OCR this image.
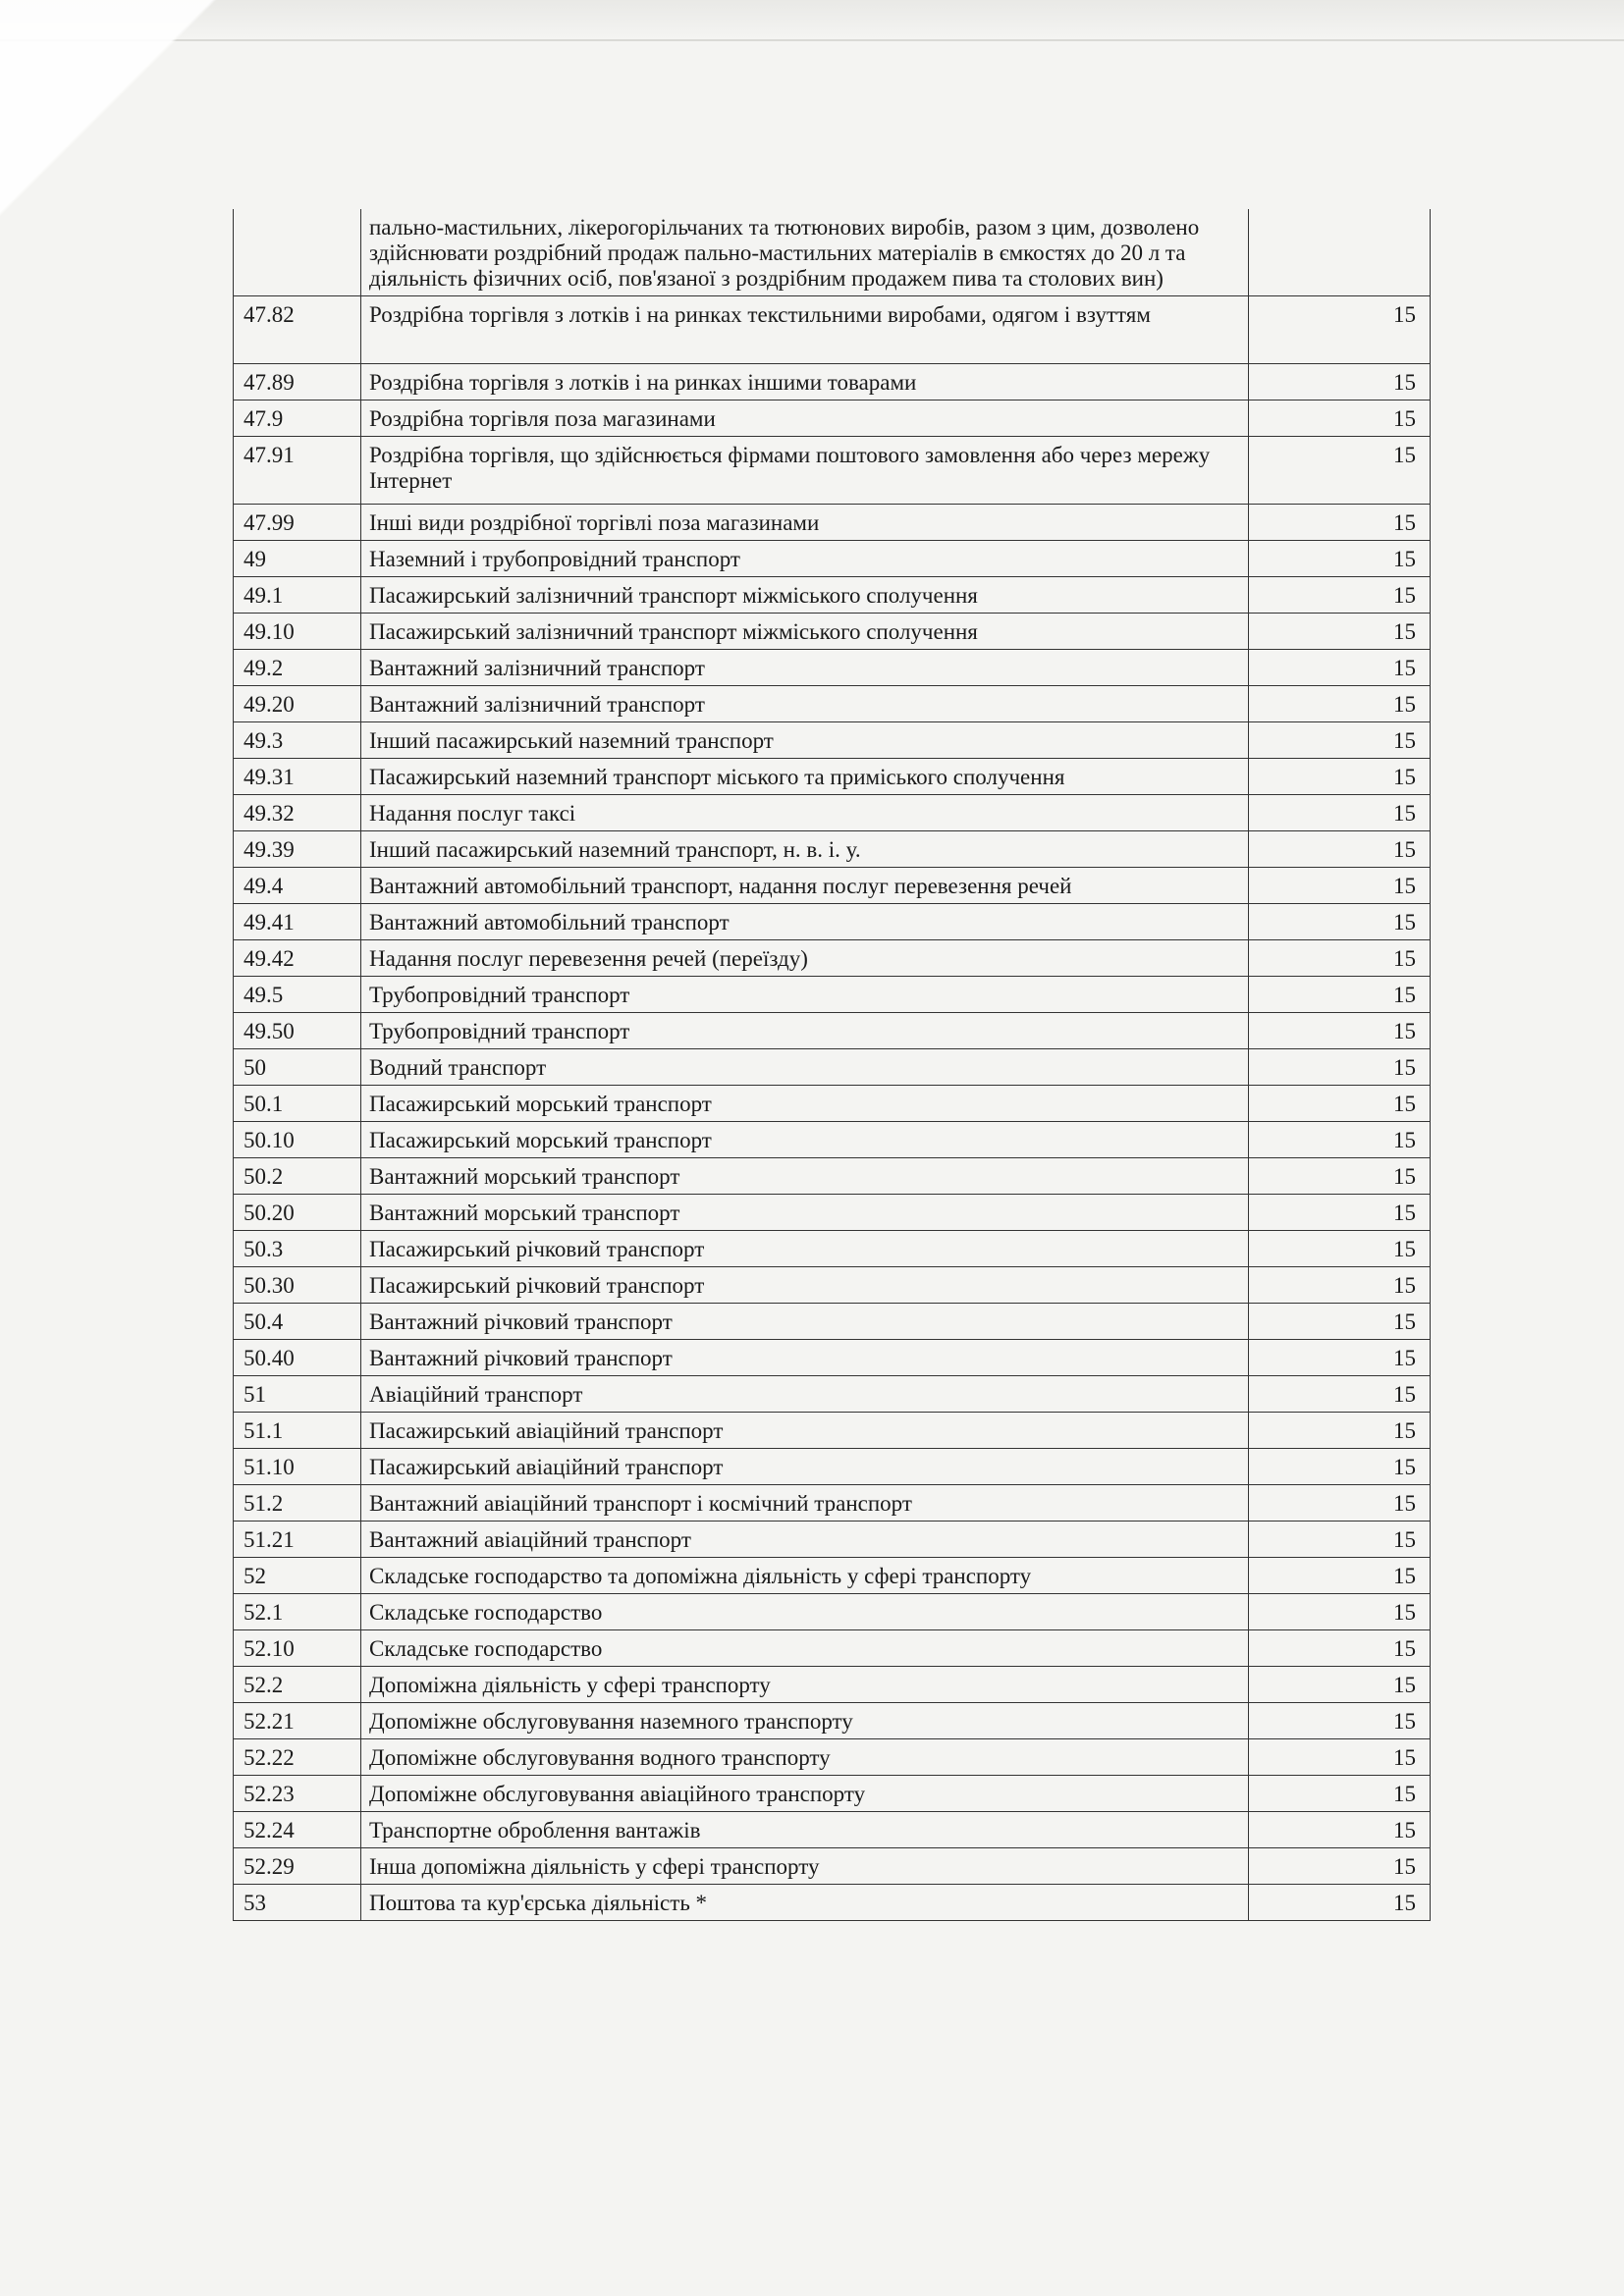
	пально-мастильних, лікерогорільчаних та тютюнових виробів, разом з цим, дозволено здійснювати роздрібний продаж пально-мастильних матеріалів в ємкостях до 20 л та діяльність фізичних осіб, пов'язаної з роздрібним продажем пива та столових вин)	
47.82	Роздрібна торгівля з лотків і на ринках текстильними виробами, одягом і взуттям	15
47.89	Роздрібна торгівля з лотків і на ринках іншими товарами	15
47.9	Роздрібна торгівля поза магазинами	15
47.91	Роздрібна торгівля, що здійснюється фірмами поштового замовлення або через мережу Інтернет	15
47.99	Інші види роздрібної торгівлі поза магазинами	15
49	Наземний і трубопровідний транспорт	15
49.1	Пасажирський залізничний транспорт міжміського сполучення	15
49.10	Пасажирський залізничний транспорт міжміського сполучення	15
49.2	Вантажний залізничний транспорт	15
49.20	Вантажний залізничний транспорт	15
49.3	Інший пасажирський наземний транспорт	15
49.31	Пасажирський наземний транспорт міського та приміського сполучення	15
49.32	Надання послуг таксі	15
49.39	Інший пасажирський наземний транспорт, н. в. і. у.	15
49.4	Вантажний автомобільний транспорт, надання послуг перевезення речей	15
49.41	Вантажний автомобільний транспорт	15
49.42	Надання послуг перевезення речей (переїзду)	15
49.5	Трубопровідний транспорт	15
49.50	Трубопровідний транспорт	15
50	Водний транспорт	15
50.1	Пасажирський морський транспорт	15
50.10	Пасажирський морський транспорт	15
50.2	Вантажний морський транспорт	15
50.20	Вантажний морський транспорт	15
50.3	Пасажирський річковий транспорт	15
50.30	Пасажирський річковий транспорт	15
50.4	Вантажний річковий транспорт	15
50.40	Вантажний річковий транспорт	15
51	Авіаційний транспорт	15
51.1	Пасажирський авіаційний транспорт	15
51.10	Пасажирський авіаційний транспорт	15
51.2	Вантажний авіаційний транспорт і космічний транспорт	15
51.21	Вантажний авіаційний транспорт	15
52	Складське господарство та допоміжна діяльність у сфері транспорту	15
52.1	Складське господарство	15
52.10	Складське господарство	15
52.2	Допоміжна діяльність у сфері транспорту	15
52.21	Допоміжне обслуговування наземного транспорту	15
52.22	Допоміжне обслуговування водного транспорту	15
52.23	Допоміжне обслуговування авіаційного транспорту	15
52.24	Транспортне оброблення вантажів	15
52.29	Інша допоміжна діяльність у сфері транспорту	15
53	Поштова та кур'єрська діяльність *	15
